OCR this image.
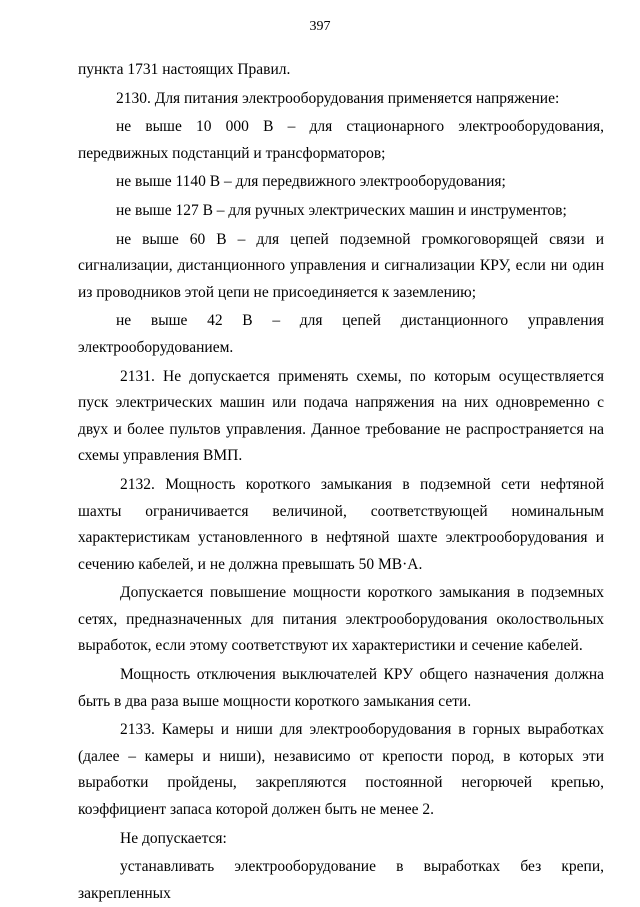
397

пункта 1731 настоящих Правил.

2130. Для питания электрооборудования применяется напряжение:

не выше 10 000 В – для стационарного электрооборудования, передвижных подстанций и трансформаторов;

не выше 1140 В – для передвижного электрооборудования;

не выше 127 В – для ручных электрических машин и инструментов;

не выше 60 В – для цепей подземной громкоговорящей связи и сигнализации, дистанционного управления и сигнализации КРУ, если ни один из проводников этой цепи не присоединяется к заземлению;

не выше 42 В – для цепей дистанционного управления электрооборудованием.

2131. Не допускается применять схемы, по которым осуществляется пуск электрических машин или подача напряжения на них одновременно с двух и более пультов управления. Данное требование не распространяется на схемы управления ВМП.

2132. Мощность короткого замыкания в подземной сети нефтяной шахты ограничивается величиной, соответствующей номинальным характеристикам установленного в нефтяной шахте электрооборудования и сечению кабелей, и не должна превышать 50 МВ·А.

Допускается повышение мощности короткого замыкания в подземных сетях, предназначенных для питания электрооборудования околоствольных выработок, если этому соответствуют их характеристики и сечение кабелей.

Мощность отключения выключателей КРУ общего назначения должна быть в два раза выше мощности короткого замыкания сети.

2133. Камеры и ниши для электрооборудования в горных выработках (далее – камеры и ниши), независимо от крепости пород, в которых эти выработки пройдены, закрепляются постоянной негорючей крепью, коэффициент запаса которой должен быть не менее 2.

Не допускается:

устанавливать электрооборудование в выработках без крепи, закрепленных
